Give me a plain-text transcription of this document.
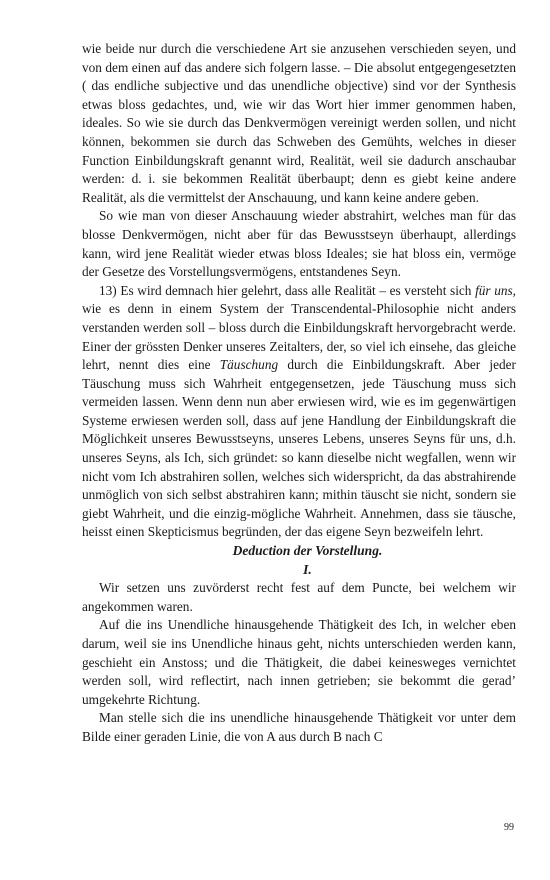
wie beide nur durch die verschiedene Art sie anzusehen verschieden seyen, und von dem einen auf das andere sich folgern lasse. – Die absolut entgegengesetzten ( das endliche subjective und das unendliche objective) sind vor der Synthesis etwas bloss gedachtes, und, wie wir das Wort hier immer genommen haben, ideales. So wie sie durch das Denkvermögen vereinigt werden sollen, und nicht können, bekommen sie durch das Schweben des Gemühts, welches in dieser Function Einbildungskraft genannt wird, Realität, weil sie dadurch anschaubar werden: d. i. sie bekommen Realität überbaupt; denn es giebt keine andere Realität, als die vermittelst der Anschauung, und kann keine andere geben.

So wie man von dieser Anschauung wieder abstrahirt, welches man für das blosse Denkvermögen, nicht aber für das Bewusstseyn überhaupt, allerdings kann, wird jene Realität wieder etwas bloss Ideales; sie hat bloss ein, vermöge der Gesetze des Vorstellungsvermögens, entstandenes Seyn.

13) Es wird demnach hier gelehrt, dass alle Realität – es versteht sich für uns, wie es denn in einem System der Transcendental-Philosophie nicht anders verstanden werden soll – bloss durch die Einbildungskraft hervorgebracht werde. Einer der grössten Denker unseres Zeitalters, der, so viel ich einsehe, das gleiche lehrt, nennt dies eine Täuschung durch die Einbildungskraft. Aber jeder Täuschung muss sich Wahrheit entgegensetzen, jede Täuschung muss sich vermeiden lassen. Wenn denn nun aber erwiesen wird, wie es im gegenwärtigen Systeme erwiesen werden soll, dass auf jene Handlung der Einbildungskraft die Möglichkeit unseres Bewusstseyns, unseres Lebens, unseres Seyns für uns, d.h. unseres Seyns, als Ich, sich gründet: so kann dieselbe nicht wegfallen, wenn wir nicht vom Ich abstrahiren sollen, welches sich widerspricht, da das abstrahirende unmöglich von sich selbst abstrahiren kann; mithin täuscht sie nicht, sondern sie giebt Wahrheit, und die einzig-mögliche Wahrheit. Annehmen, dass sie täusche, heisst einen Skepticismus begründen, der das eigene Seyn bezweifeln lehrt.

Deduction der Vorstellung.

I.

Wir setzen uns zuvörderst recht fest auf dem Puncte, bei welchem wir angekommen waren.

Auf die ins Unendliche hinausgehende Thätigkeit des Ich, in welcher eben darum, weil sie ins Unendliche hinaus geht, nichts unterschieden werden kann, geschieht ein Anstoss; und die Thätigkeit, die dabei keinesweges vernichtet werden soll, wird reflectirt, nach innen getrieben; sie bekommt die gerad’ umgekehrte Richtung.

Man stelle sich die ins unendliche hinausgehende Thätigkeit vor unter dem Bilde einer geraden Linie, die von A aus durch B nach C

99
